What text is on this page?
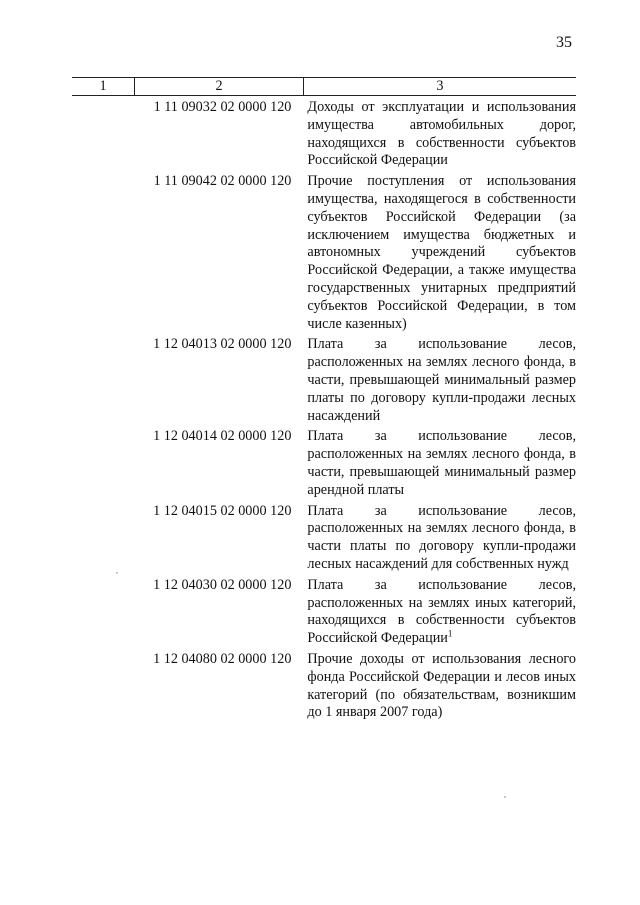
35
1	2	3
	1 11 09032 02 0000 120	Доходы от эксплуатации и использования имущества автомобильных дорог, находящихся в собственности субъектов Российской Федерации
	1 11 09042 02 0000 120	Прочие поступления от использования имущества, находящегося в собственности субъектов Российской Федерации (за исключением имущества бюджетных и автономных учреждений субъектов Российской Федерации, а также имущества государственных унитарных предприятий субъектов Российской Федерации, в том числе казенных)
	1 12 04013 02 0000 120	Плата за использование лесов, расположенных на землях лесного фонда, в части, превышающей минимальный размер платы по договору купли-продажи лесных насаждений
	1 12 04014 02 0000 120	Плата за использование лесов, расположенных на землях лесного фонда, в части, превышающей минимальный размер арендной платы
	1 12 04015 02 0000 120	Плата за использование лесов, расположенных на землях лесного фонда, в части платы по договору купли-продажи лесных насаждений для собственных нужд
	1 12 04030 02 0000 120	Плата за использование лесов, расположенных на землях иных категорий, находящихся в собственности субъектов Российской Федерации$^1$
	1 12 04080 02 0000 120	Прочие доходы от использования лесного фонда Российской Федерации и лесов иных категорий (по обязательствам, возникшим до 1 января 2007 года)
